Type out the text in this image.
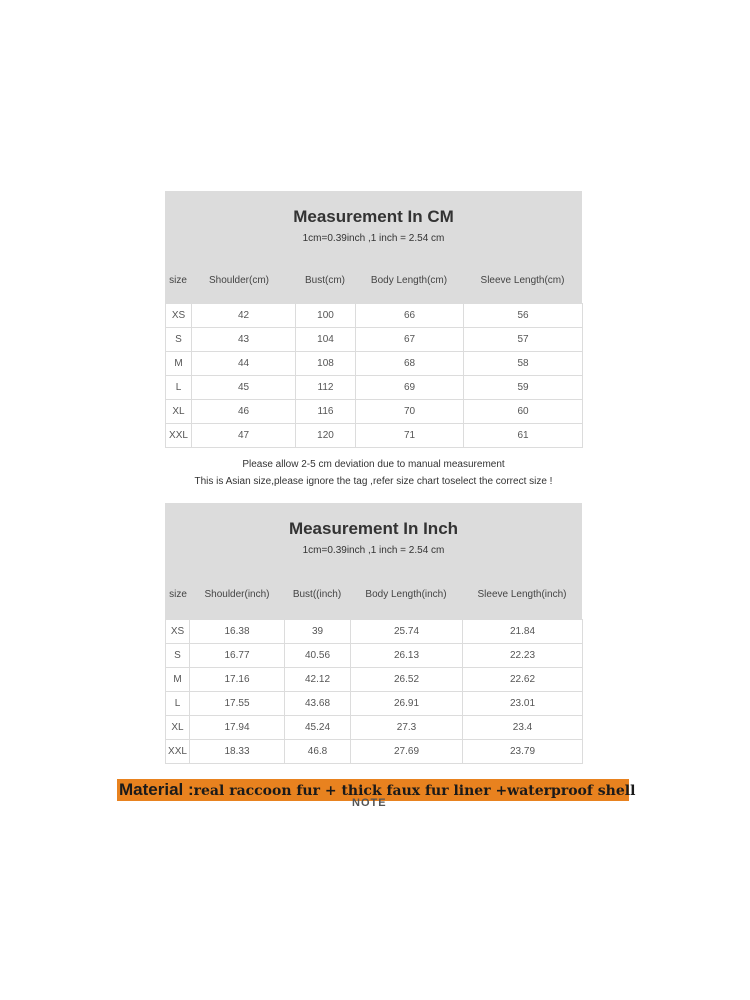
Measurement In CM
1cm=0.39inch ,1 inch = 2.54 cm
size	Shoulder(cm)	Bust(cm)	Body Length(cm)	Sleeve Length(cm)
XS	42	100	66	56
S	43	104	67	57
M	44	108	68	58
L	45	112	69	59
XL	46	116	70	60
XXL	47	120	71	61
Please allow 2-5 cm deviation due to manual measurement
This is Asian size,please ignore the tag ,refer size chart toselect the correct size !
Measurement In Inch
1cm=0.39inch ,1 inch = 2.54 cm
size	Shoulder(inch)	Bust((inch)	Body Length(inch)	Sleeve Length(inch)
XS	16.38	39	25.74	21.84
S	16.77	40.56	26.13	22.23
M	17.16	42.12	26.52	22.62
L	17.55	43.68	26.91	23.01
XL	17.94	45.24	27.3	23.4
XXL	18.33	46.8	27.69	23.79
Material :real raccoon fur + thick faux fur liner +waterproof shell
NOTE
